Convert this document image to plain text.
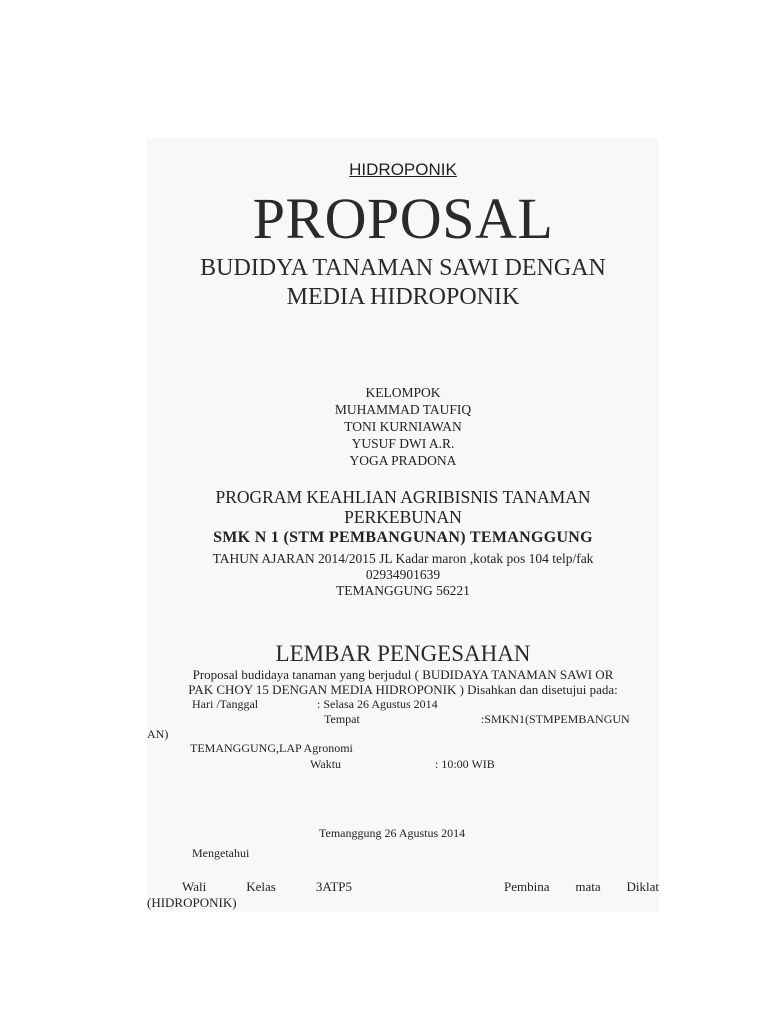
HIDROPONIK
PROPOSAL
BUDIDYA TANAMAN SAWI DENGAN
MEDIA HIDROPONIK
KELOMPOK
MUHAMMAD TAUFIQ
TONI KURNIAWAN
YUSUF DWI A.R.
YOGA PRADONA
PROGRAM KEAHLIAN AGRIBISNIS TANAMAN
PERKEBUNAN
SMK N 1 (STM PEMBANGUNAN) TEMANGGUNG
TAHUN AJARAN 2014/2015 JL Kadar maron ,kotak pos 104 telp/fak
02934901639
TEMANGGUNG 56221
LEMBAR PENGESAHAN
Proposal budidaya tanaman yang berjudul ( BUDIDAYA TANAMAN SAWI OR
PAK CHOY 15 DENGAN MEDIA HIDROPONIK ) Disahkan dan disetujui pada:
Hari /Tanggal	: Selasa 26 Agustus 2014
Tempat	:SMKN1(STMPEMBANGUN
AN)
TEMANGGUNG,LAP Agronomi
Waktu	: 10:00 WIB
Temanggung 26 Agustus 2014
Mengetahui
Wali	Kelas	3ATP5	Pembina mata Diklat
(HIDROPONIK)
